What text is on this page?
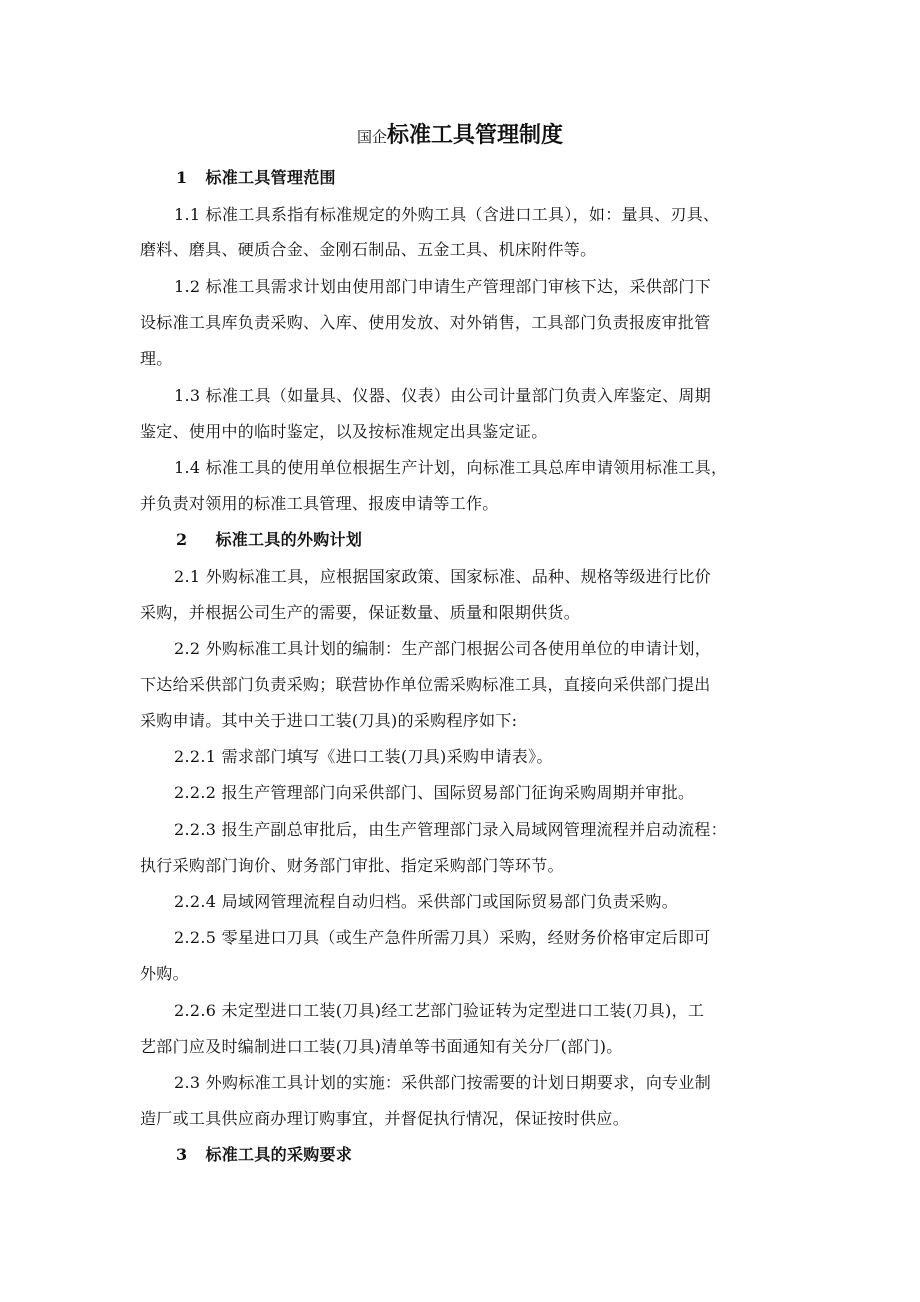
国企标准工具管理制度
1 标准工具管理范围
1.1 标准工具系指有标准规定的外购工具（含进口工具），如：量具、刃具、
磨料、磨具、硬质合金、金刚石制品、五金工具、机床附件等。
1.2 标准工具需求计划由使用部门申请生产管理部门审核下达，采供部门下
设标准工具库负责采购、入库、使用发放、对外销售，工具部门负责报废审批管
理。
1.3 标准工具（如量具、仪器、仪表）由公司计量部门负责入库鉴定、周期
鉴定、使用中的临时鉴定，以及按标准规定出具鉴定证。
1.4 标准工具的使用单位根据生产计划，向标准工具总库申请领用标准工具，
并负责对领用的标准工具管理、报废申请等工作。
2 标准工具的外购计划
2.1 外购标准工具，应根据国家政策、国家标准、品种、规格等级进行比价
采购，并根据公司生产的需要，保证数量、质量和限期供货。
2.2 外购标准工具计划的编制：生产部门根据公司各使用单位的申请计划，
下达给采供部门负责采购；联营协作单位需采购标准工具，直接向采供部门提出
采购申请。其中关于进口工装(刀具)的采购程序如下:
2.2.1 需求部门填写《进口工装(刀具)采购申请表》。
2.2.2 报生产管理部门向采供部门、国际贸易部门征询采购周期并审批。
2.2.3 报生产副总审批后，由生产管理部门录入局域网管理流程并启动流程：
执行采购部门询价、财务部门审批、指定采购部门等环节。
2.2.4 局域网管理流程自动归档。采供部门或国际贸易部门负责采购。
2.2.5 零星进口刀具（或生产急件所需刀具）采购，经财务价格审定后即可
外购。
2.2.6 未定型进口工装(刀具)经工艺部门验证转为定型进口工装(刀具)，工
艺部门应及时编制进口工装(刀具)清单等书面通知有关分厂(部门)。
2.3 外购标准工具计划的实施：采供部门按需要的计划日期要求，向专业制
造厂或工具供应商办理订购事宜，并督促执行情况，保证按时供应。
3 标准工具的采购要求
